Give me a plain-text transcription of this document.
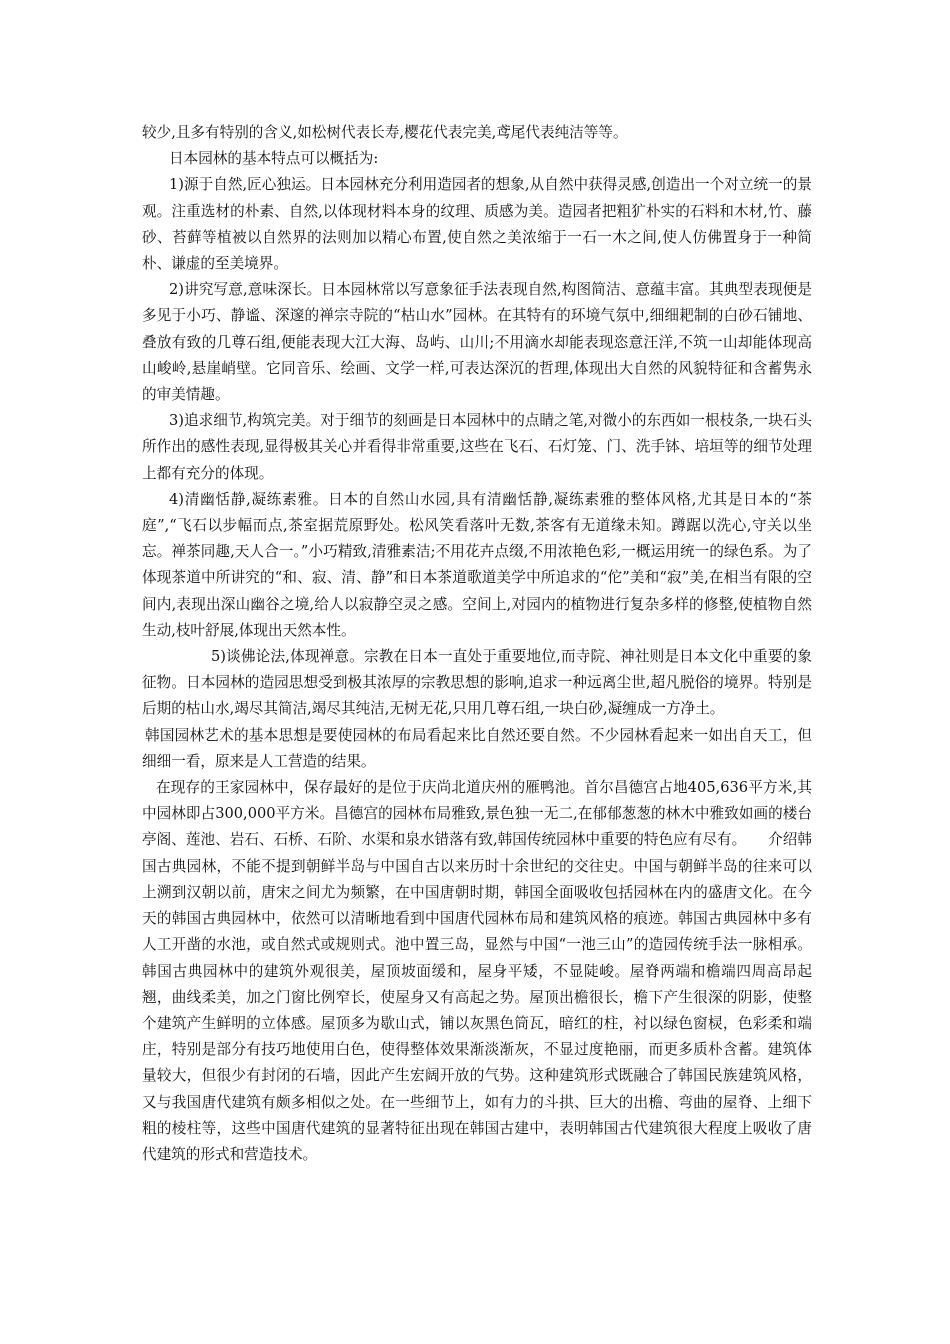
较少,且多有特别的含义,如松树代表长寿,樱花代表完美,鸢尾代表纯洁等等。

日本园林的基本特点可以概括为:

1)源于自然,匠心独运。日本园林充分利用造园者的想象,从自然中获得灵感,创造出一个对立统一的景观。注重选材的朴素、自然,以体现材料本身的纹理、质感为美。造园者把粗犷朴实的石料和木材,竹、藤砂、苔藓等植被以自然界的法则加以精心布置,使自然之美浓缩于一石一木之间,使人仿佛置身于一种简朴、谦虚的至美境界。

2)讲究写意,意味深长。日本园林常以写意象征手法表现自然,构图简洁、意蕴丰富。其典型表现便是多见于小巧、静谧、深邃的禅宗寺院的“枯山水”园林。在其特有的环境气氛中,细细耙制的白砂石铺地、叠放有致的几尊石组,便能表现大江大海、岛屿、山川;不用滴水却能表现恣意汪洋,不筑一山却能体现高山峻岭,悬崖峭壁。它同音乐、绘画、文学一样,可表达深沉的哲理,体现出大自然的风貌特征和含蓄隽永的审美情趣。

3)追求细节,构筑完美。对于细节的刻画是日本园林中的点睛之笔,对微小的东西如一根枝条,一块石头所作出的感性表现,显得极其关心并看得非常重要,这些在飞石、石灯笼、门、洗手钵、培垣等的细节处理上都有充分的体现。

4)清幽恬静,凝练素雅。日本的自然山水园,具有清幽恬静,凝练素雅的整体风格,尤其是日本的“茶庭”,“飞石以步幅而点,茶室据荒原野处。松风笑看落叶无数,茶客有无道缘未知。蹲踞以洗心,守关以坐忘。禅茶同趣,天人合一。”小巧精致,清雅素洁;不用花卉点缀,不用浓艳色彩,一概运用统一的绿色系。为了体现茶道中所讲究的“和、寂、清、静”和日本茶道歌道美学中所追求的“佗”美和“寂”美,在相当有限的空间内,表现出深山幽谷之境,给人以寂静空灵之感。空间上,对园内的植物进行复杂多样的修整,使植物自然生动,枝叶舒展,体现出天然本性。

5)谈佛论法,体现禅意。宗教在日本一直处于重要地位,而寺院、神社则是日本文化中重要的象征物。日本园林的造园思想受到极其浓厚的宗教思想的影响,追求一种远离尘世,超凡脱俗的境界。特别是后期的枯山水,竭尽其简洁,竭尽其纯洁,无树无花,只用几尊石组,一块白砂,凝缠成一方净土。

韩国园林艺术的基本思想是要使园林的布局看起来比自然还要自然。不少园林看起来一如出自天工，但细细一看，原来是人工营造的结果。

在现存的王家园林中，保存最好的是位于庆尚北道庆州的雁鸭池。首尔昌德宫占地405,636平方米,其中园林即占300,000平方米。昌德宫的园林布局雅致,景色独一无二,在郁郁葱葱的林木中雅致如画的楼台亭阁、莲池、岩石、石桥、石阶、水渠和泉水错落有致,韩国传统园林中重要的特色应有尽有。　　介绍韩国古典园林，不能不提到朝鲜半岛与中国自古以来历时十余世纪的交往史。中国与朝鲜半岛的往来可以上溯到汉朝以前，唐宋之间尤为频繁，在中国唐朝时期，韩国全面吸收包括园林在内的盛唐文化。在今天的韩国古典园林中，依然可以清晰地看到中国唐代园林布局和建筑风格的痕迹。韩国古典园林中多有人工开凿的水池，或自然式或规则式。池中置三岛，显然与中国“一池三山”的造园传统手法一脉相承。韩国古典园林中的建筑外观很美，屋顶坡面缓和，屋身平矮，不显陡峻。屋脊两端和檐端四周高昂起翘，曲线柔美，加之门窗比例窄长，使屋身又有高起之势。屋顶出檐很长，檐下产生很深的阴影，使整个建筑产生鲜明的立体感。屋顶多为歇山式，铺以灰黑色筒瓦，暗红的柱，衬以绿色窗棂，色彩柔和端庄，特别是部分有技巧地使用白色，使得整体效果渐淡渐灰，不显过度艳丽，而更多质朴含蓄。建筑体量较大，但很少有封闭的石墙，因此产生宏阔开放的气势。这种建筑形式既融合了韩国民族建筑风格，又与我国唐代建筑有颇多相似之处。在一些细节上，如有力的斗拱、巨大的出檐、弯曲的屋脊、上细下粗的棱柱等，这些中国唐代建筑的显著特征出现在韩国古建中，表明韩国古代建筑很大程度上吸收了唐代建筑的形式和营造技术。
